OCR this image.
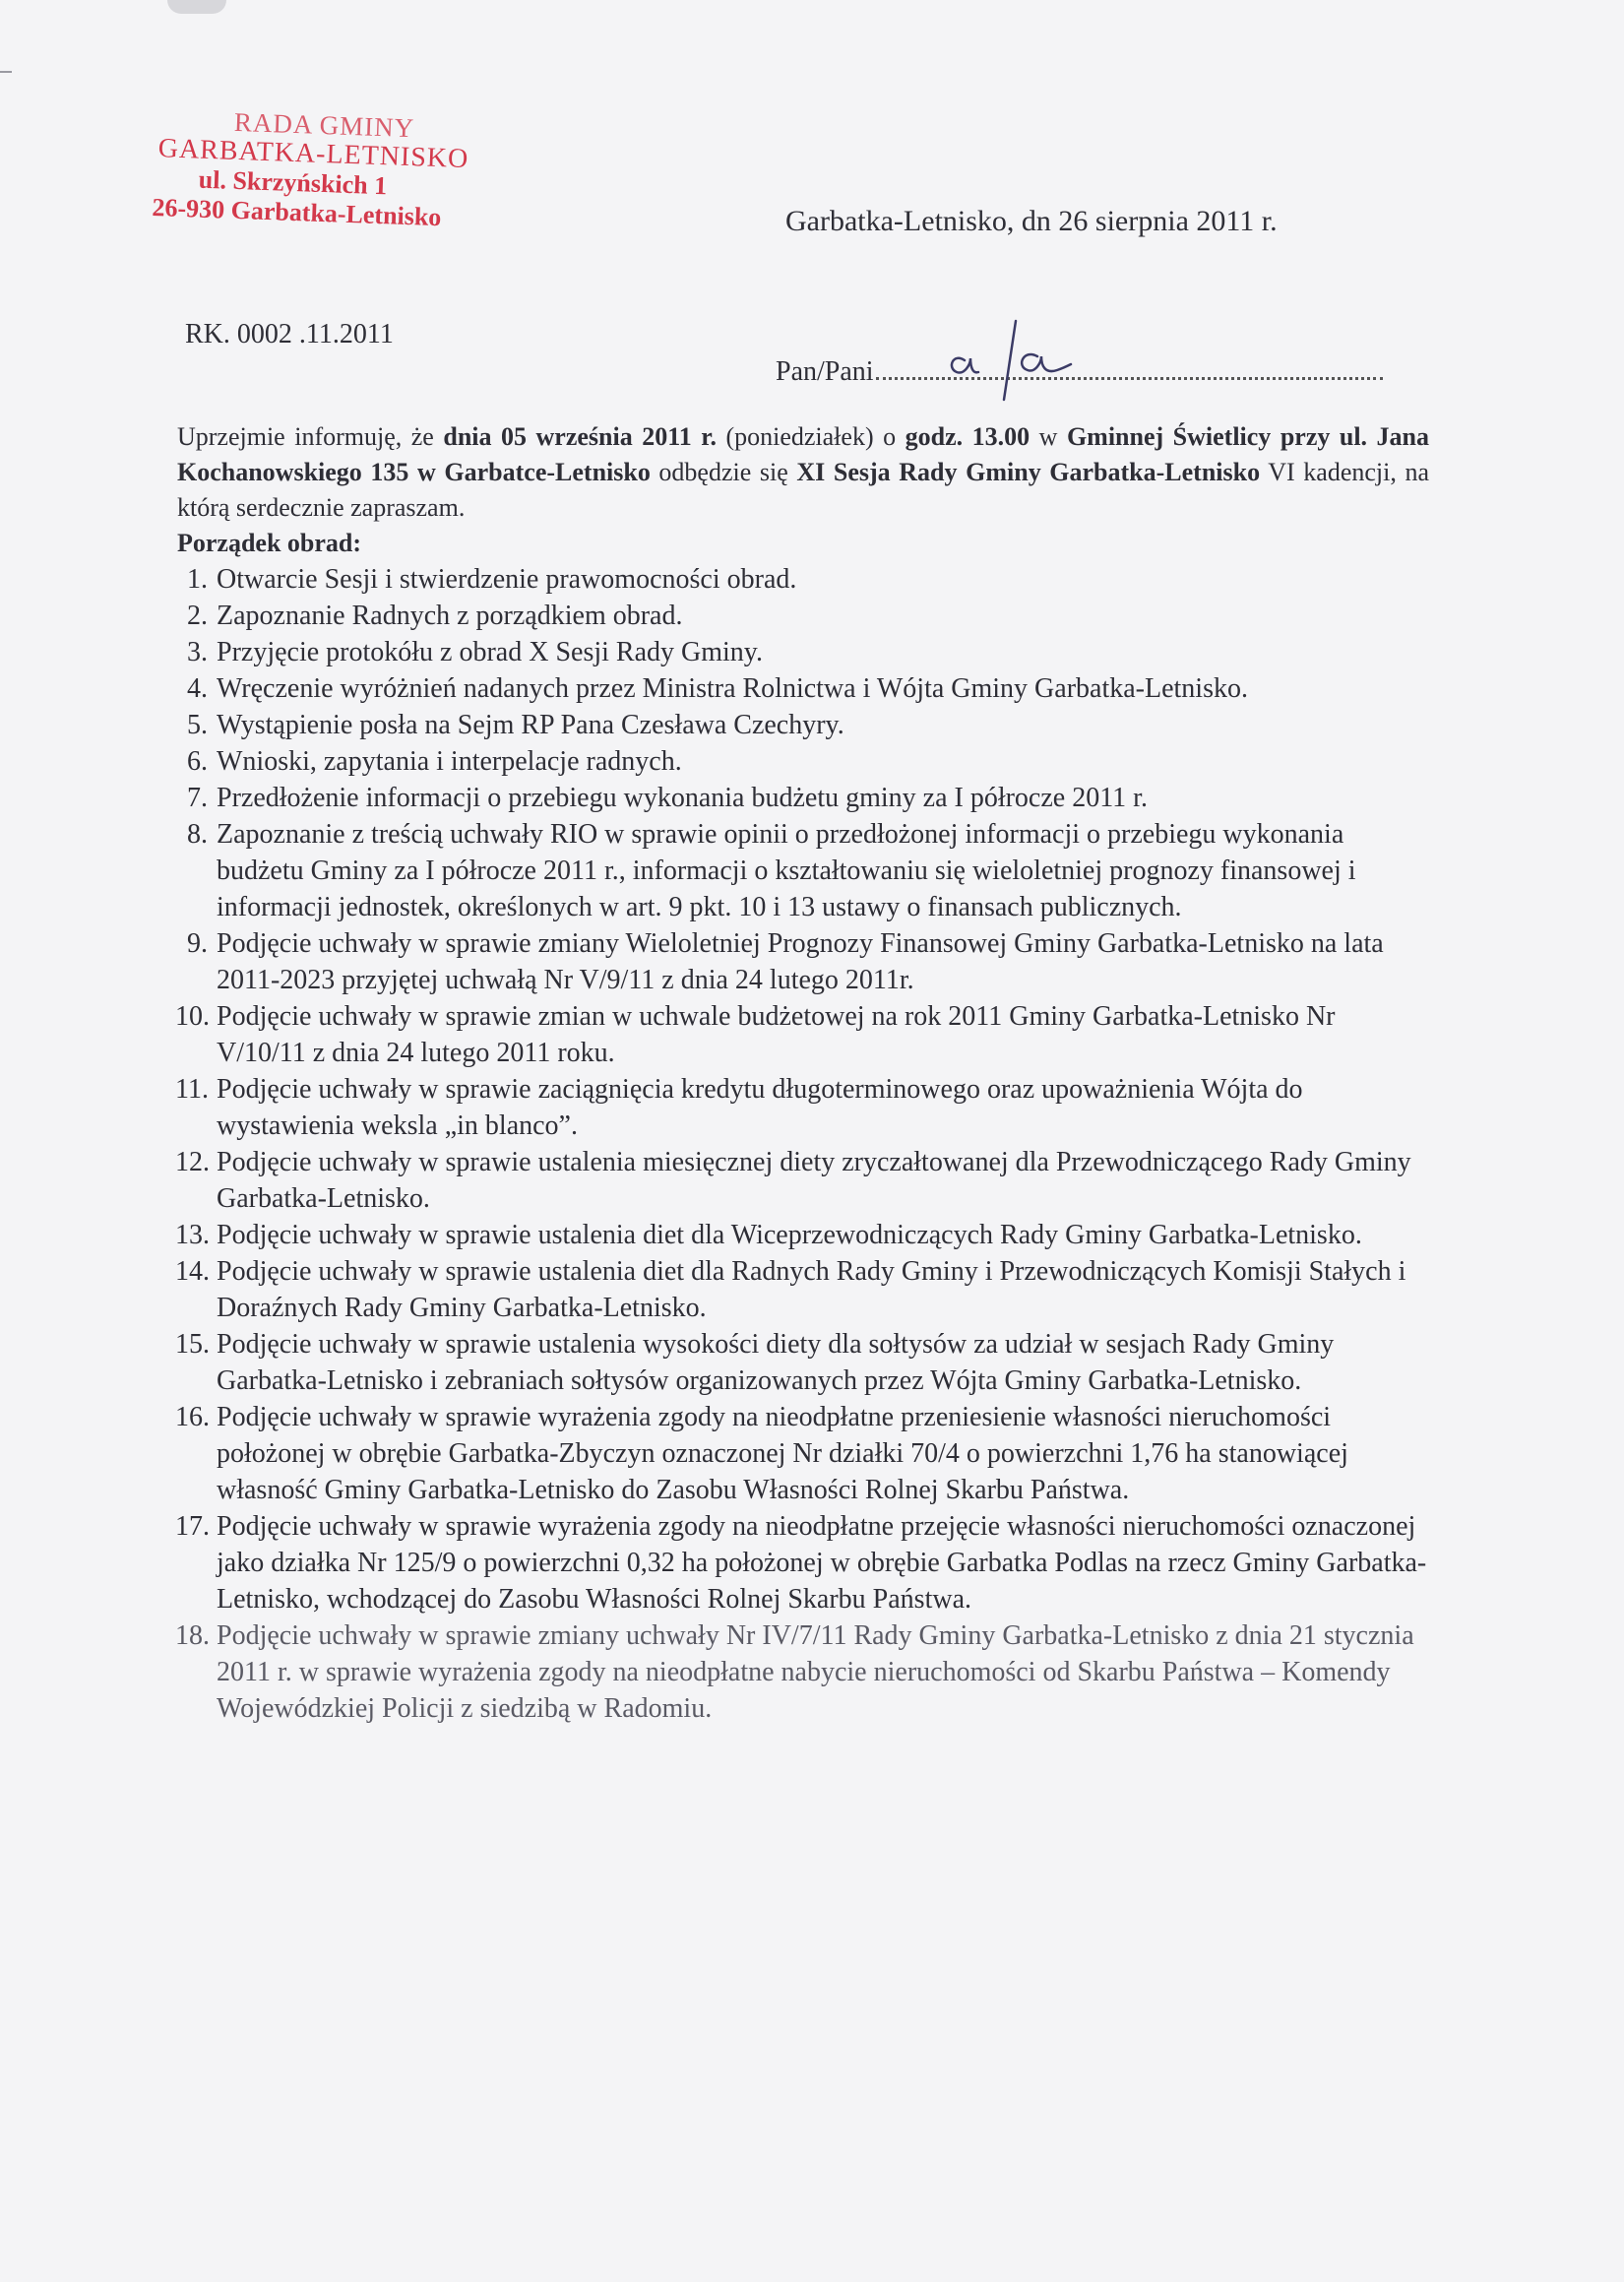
RADA GMINY
GARBATKA-LETNISKO
ul. Skrzyńskich 1
26-930 Garbatka-Letnisko	Garbatka-Letnisko, dn 26 sierpnia 2011 r.
RK. 0002 .11.2011
Pan/Pani

Uprzejmie informuję, że dnia 05 września 2011 r. (poniedziałek) o godz. 13.00 w Gminnej Świetlicy przy ul. Jana Kochanowskiego 135 w Garbatce-Letnisko odbędzie się XI Sesja Rady Gminy Garbatka-Letnisko VI kadencji, na którą serdecznie zapraszam.

Porządek obrad:

1. Otwarcie Sesji i stwierdzenie prawomocności obrad.
2. Zapoznanie Radnych z porządkiem obrad.
3. Przyjęcie protokółu z obrad X Sesji Rady Gminy.
4. Wręczenie wyróżnień nadanych przez Ministra Rolnictwa i Wójta Gminy Garbatka-Letnisko.
5. Wystąpienie posła na Sejm RP Pana Czesława Czechyry.
6. Wnioski, zapytania i interpelacje radnych.
7. Przedłożenie informacji o przebiegu wykonania budżetu gminy za I półrocze 2011 r.
8. Zapoznanie z treścią uchwały RIO w sprawie opinii o przedłożonej informacji o przebiegu wykonania budżetu Gminy za I półrocze 2011 r., informacji o kształtowaniu się wieloletniej prognozy finansowej i informacji jednostek, określonych w art. 9 pkt. 10 i 13 ustawy o finansach publicznych.
9. Podjęcie uchwały w sprawie zmiany Wieloletniej Prognozy Finansowej Gminy Garbatka-Letnisko na lata 2011-2023 przyjętej uchwałą Nr V/9/11 z dnia 24 lutego 2011r.
10. Podjęcie uchwały w sprawie zmian w uchwale budżetowej na rok 2011 Gminy Garbatka-Letnisko Nr V/10/11 z dnia 24 lutego 2011 roku.
11. Podjęcie uchwały w sprawie zaciągnięcia kredytu długoterminowego oraz upoważnienia Wójta do wystawienia weksla „in blanco”.
12. Podjęcie uchwały w sprawie ustalenia miesięcznej diety zryczałtowanej dla Przewodniczącego Rady Gminy Garbatka-Letnisko.
13. Podjęcie uchwały w sprawie ustalenia diet dla Wiceprzewodniczących Rady Gminy Garbatka-Letnisko.
14. Podjęcie uchwały w sprawie ustalenia diet dla Radnych Rady Gminy i Przewodniczących Komisji Stałych i Doraźnych Rady Gminy Garbatka-Letnisko.
15. Podjęcie uchwały w sprawie ustalenia wysokości diety dla sołtysów za udział w sesjach Rady Gminy Garbatka-Letnisko i zebraniach sołtysów organizowanych przez Wójta Gminy Garbatka-Letnisko.
16. Podjęcie uchwały w sprawie wyrażenia zgody na nieodpłatne przeniesienie własności nieruchomości położonej w obrębie Garbatka-Zbyczyn oznaczonej Nr działki 70/4 o powierzchni 1,76 ha stanowiącej własność Gminy Garbatka-Letnisko do Zasobu Własności Rolnej Skarbu Państwa.
17. Podjęcie uchwały w sprawie wyrażenia zgody na nieodpłatne przejęcie własności nieruchomości oznaczonej jako działka Nr 125/9 o powierzchni 0,32 ha położonej w obrębie Garbatka Podlas na rzecz Gminy Garbatka-Letnisko, wchodzącej do Zasobu Własności Rolnej Skarbu Państwa.
18. Podjęcie uchwały w sprawie zmiany uchwały Nr IV/7/11 Rady Gminy Garbatka-Letnisko z dnia 21 stycznia 2011 r. w sprawie wyrażenia zgody na nieodpłatne nabycie nieruchomości od Skarbu Państwa – Komendy Wojewódzkiej Policji z siedzibą w Radomiu.
